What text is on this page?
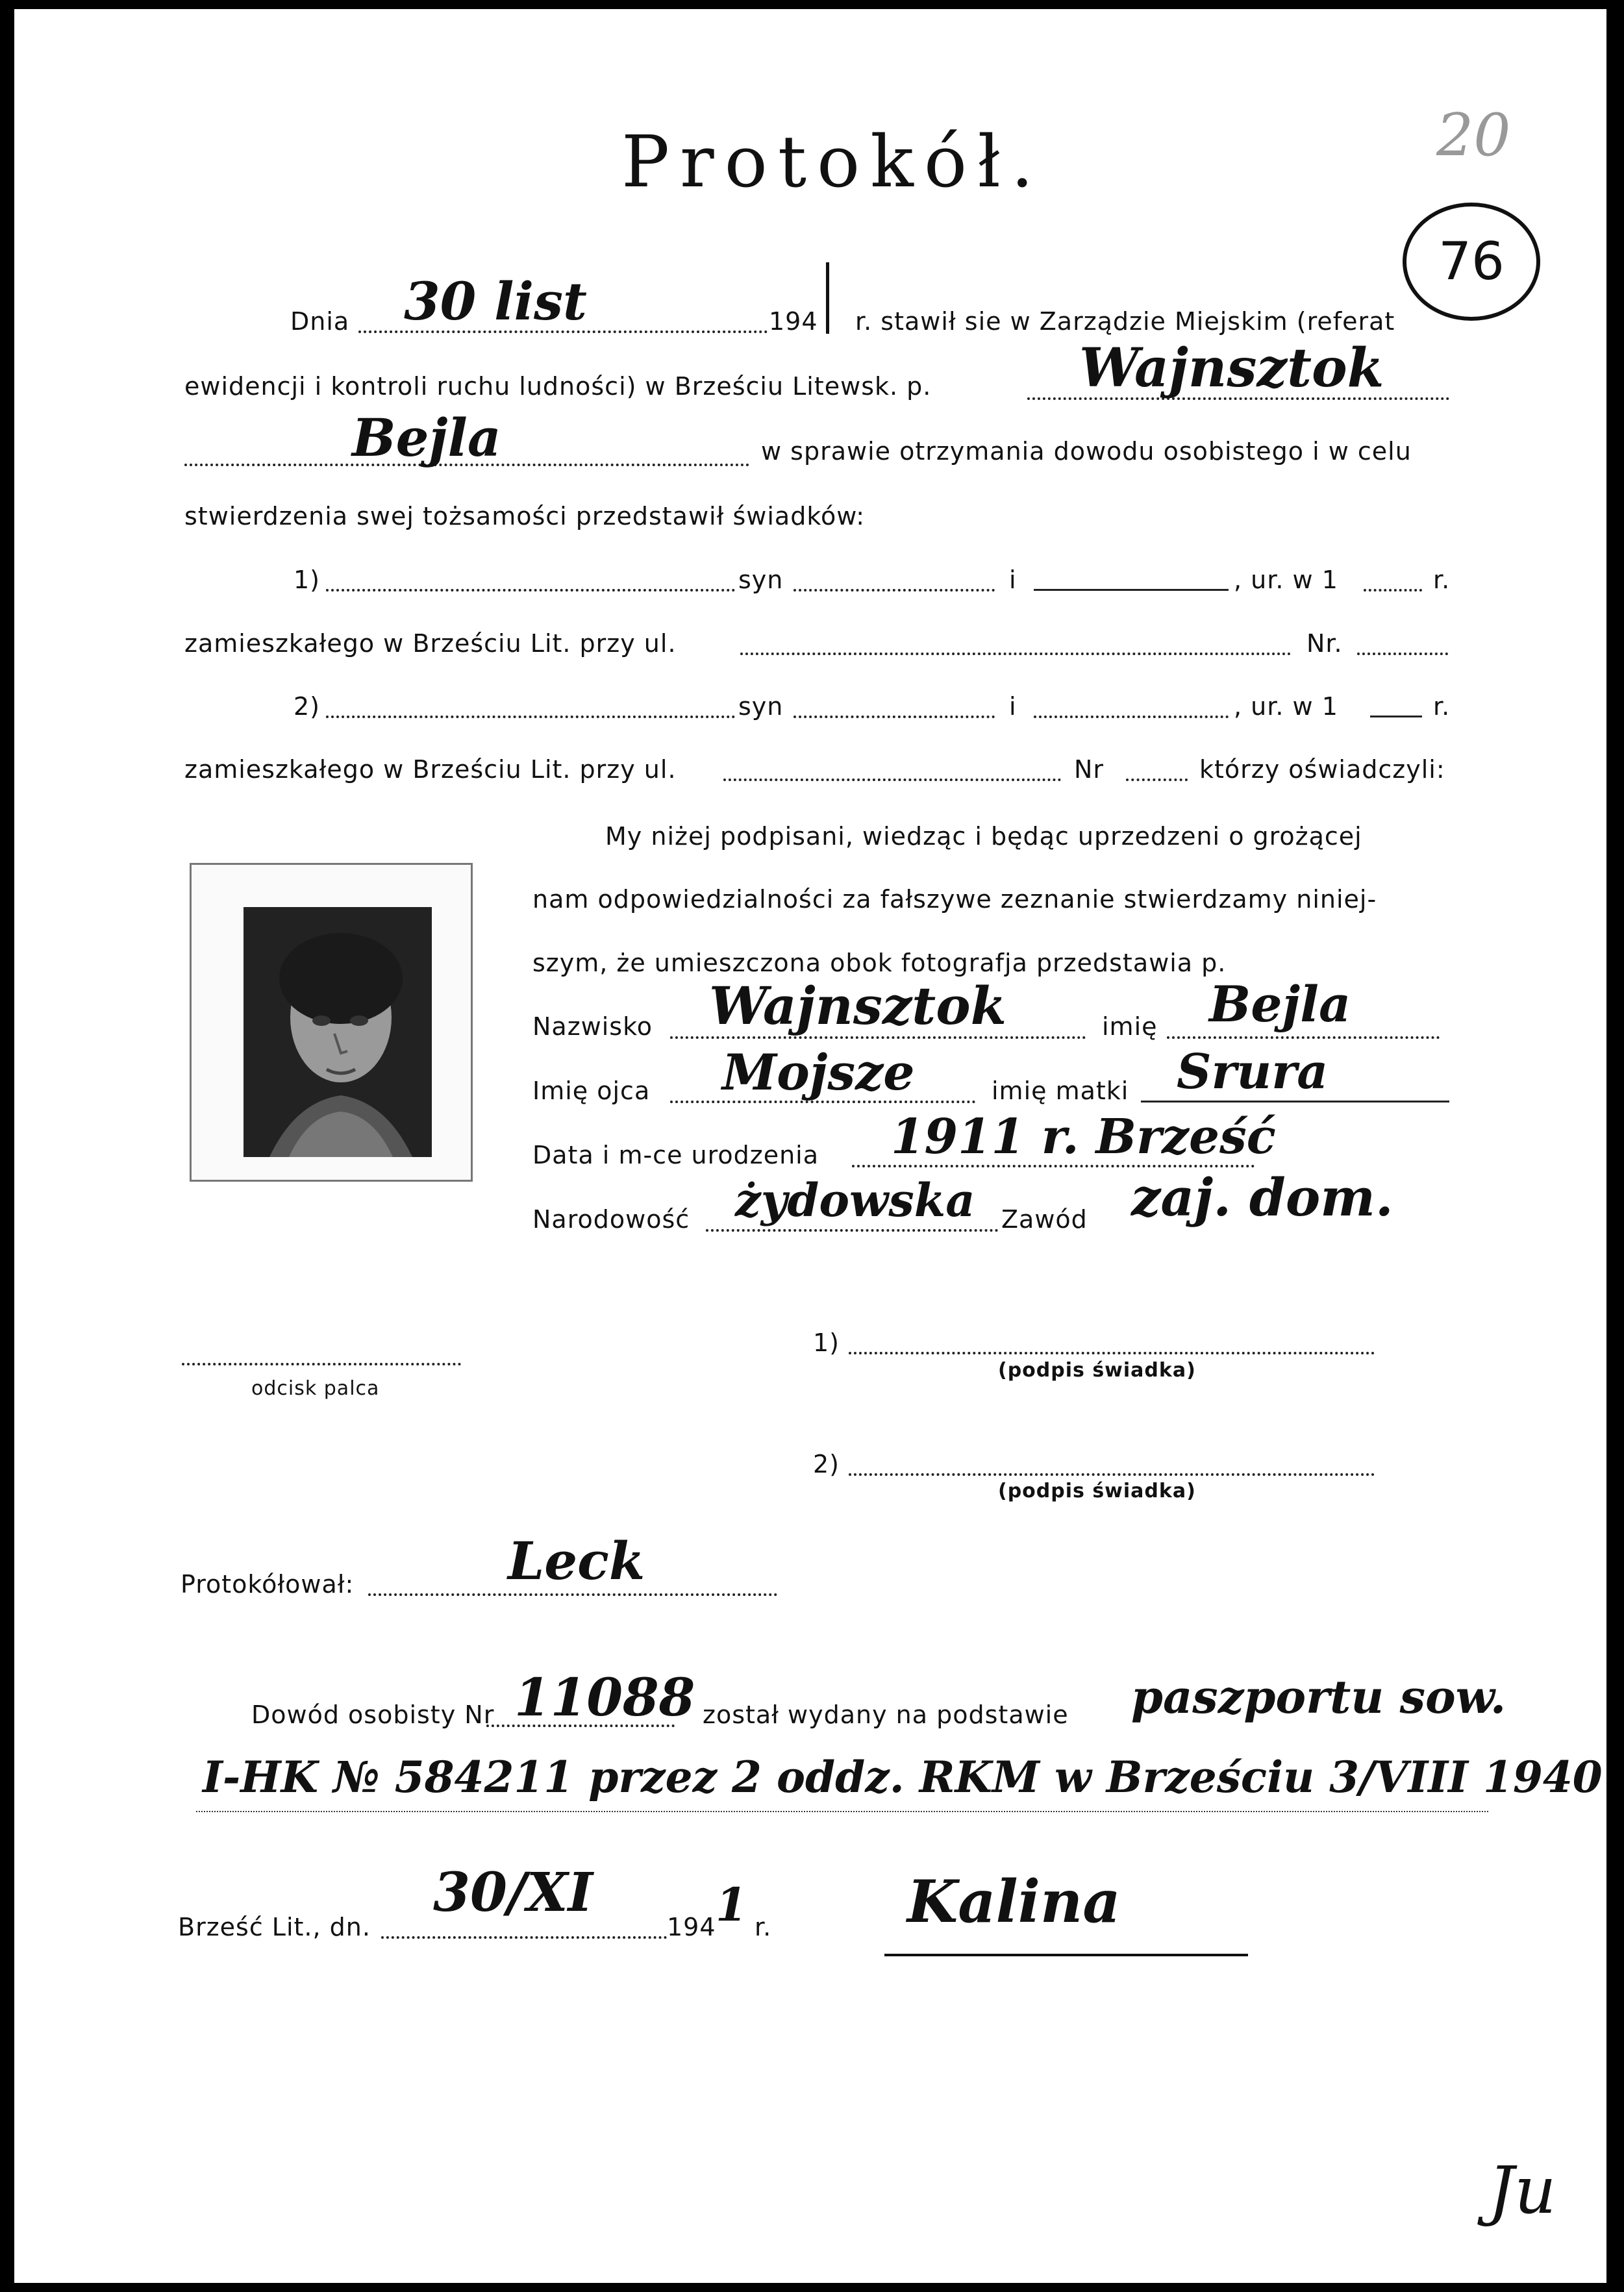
Protokół.	20
76
Dnia 30 list	194 r. stawił sie w Zarządzie Miejskim (referat
ewidencji i kontroli ruchu ludności) w Brześciu Litewsk. p.	Wajnsztok
Bejla	w sprawie otrzymania dowodu osobistego i w celu
stwierdzenia swej tożsamości przedstawił świadków:
1)	syn	i	, ur. w 1	r.
zamieszkałego w Brześciu Lit. przy ul.	Nr.
2)	syn	i	, ur. w 1	r.
zamieszkałego w Brześciu Lit. przy ul.	Nr	którzy oświadczyli:
My niżej podpisani, wiedząc i będąc uprzedzeni o grożącej
nam odpowiedzialności za fałszywe zeznanie stwierdzamy niniej-
szym, że umieszczona obok fotografja przedstawia p.
Nazwisko Wajnsztok	imię Bejla
Imię ojca Mojsze	imię matki Srura
Data i m-ce urodzenia 1911 r. Brześć
Narodowość żydowska Zawód zaj. dom.
odcisk palca
1)
(podpis świadka)
2)
(podpis świadka)
Protokółował:	Leck
Dowód osobisty Nr 11088 został wydany na podstawie paszportu sow.
I-HK № 584211 przez 2 oddz. RKM w Brześciu 3/VIII 1940
Brześć Lit., dn.
30/XI
194 1 r. Kalina
Ju
